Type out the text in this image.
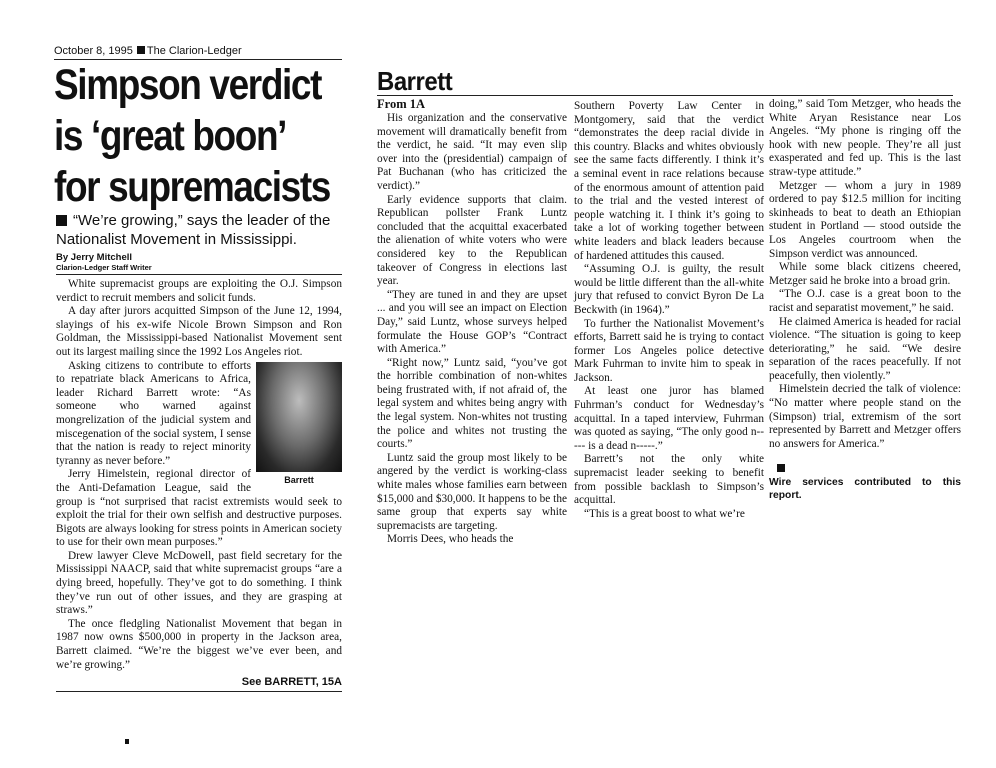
October 8, 1995 The Clarion-Ledger
Simpson verdict
is ‘great boon’
for supremacists
“We’re growing,” says the leader of the Nationalist Movement in Mississippi.
By Jerry Mitchell
Clarion-Ledger Staff Writer

White supremacist groups are exploiting the O.J. Simpson verdict to recruit members and solicit funds.

A day after jurors acquitted Simpson of the June 12, 1994, slayings of his ex-wife Nicole Brown Simpson and Ron Goldman, the Mississippi-based Nationalist Movement sent out its largest mailing since the 1992 Los Angeles riot.

Barrett

Asking citizens to contribute to efforts to repatriate black Americans to Africa, leader Richard Barrett wrote: “As someone who warned against mongrelization of the judicial system and miscegenation of the social system, I sense that the nation is ready to reject minority tyranny as never before.”

Jerry Himelstein, regional director of the Anti-Defamation League, said the group is “not surprised that racist extremists would seek to exploit the trial for their own selfish and destructive purposes. Bigots are always looking for stress points in American society to use for their own mean purposes.”

Drew lawyer Cleve McDowell, past field secretary for the Mississippi NAACP, said that white supremacist groups “are a dying breed, hopefully. They’ve got to do something. I think they’ve run out of other issues, and they are grasping at straws.”

The once fledgling Nationalist Movement that began in 1987 now owns $500,000 in property in the Jackson area, Barrett claimed. “We’re the biggest we’ve ever been, and we’re growing.”

See BARRETT, 15A
Barrett
From 1A

His organization and the conservative movement will dramatically benefit from the verdict, he said. “It may even slip over into the (presidential) campaign of Pat Buchanan (who has criticized the verdict).”

Early evidence supports that claim. Republican pollster Frank Luntz concluded that the acquittal exacerbated the alienation of white voters who were considered key to the Republican takeover of Congress in elections last year.

“They are tuned in and they are upset ... and you will see an impact on Election Day,” said Luntz, whose surveys helped formulate the House GOP’s “Contract with America.”

“Right now,” Luntz said, “you’ve got the horrible combination of non-whites being frustrated with, if not afraid of, the legal system and whites being angry with the legal system. Non-whites not trusting the police and whites not trusting the courts.”

Luntz said the group most likely to be angered by the verdict is working-class white males whose families earn between $15,000 and $30,000. It happens to be the same group that experts say white supremacists are targeting.

Morris Dees, who heads the

Southern Poverty Law Center in Montgomery, said that the verdict “demonstrates the deep racial divide in this country. Blacks and whites obviously see the same facts differently. I think it’s a seminal event in race relations because of the enormous amount of attention paid to the trial and the vested interest of people watching it. I think it’s going to take a lot of working together between white leaders and black leaders because of hardened attitudes this caused.

“Assuming O.J. is guilty, the result would be little different than the all-white jury that refused to convict Byron De La Beckwith (in 1964).”

To further the Nationalist Movement’s efforts, Barrett said he is trying to contact former Los Angeles police detective Mark Fuhrman to invite him to speak in Jackson.

At least one juror has blamed Fuhrman’s conduct for Wednesday’s acquittal. In a taped interview, Fuhrman was quoted as saying, “The only good n----- is a dead n-----.”

Barrett’s not the only white supremacist leader seeking to benefit from possible backlash to Simpson’s acquittal.

“This is a great boost to what we’re

doing,” said Tom Metzger, who heads the White Aryan Resistance near Los Angeles. “My phone is ringing off the hook with new people. They’re all just exasperated and fed up. This is the last straw-type attitude.”

Metzger — whom a jury in 1989 ordered to pay $12.5 million for inciting skinheads to beat to death an Ethiopian student in Portland — stood outside the Los Angeles courtroom when the Simpson verdict was announced.

While some black citizens cheered, Metzger said he broke into a broad grin.

“The O.J. case is a great boon to the racist and separatist movement,” he said.

He claimed America is headed for racial violence. “The situation is going to keep deteriorating,” he said. “We desire separation of the races peacefully. If not peacefully, then violently.”

Himelstein decried the talk of violence: “No matter where people stand on the (Simpson) trial, extremism of the sort represented by Barrett and Metzger offers no answers for America.”

Wire services contributed to this report.
